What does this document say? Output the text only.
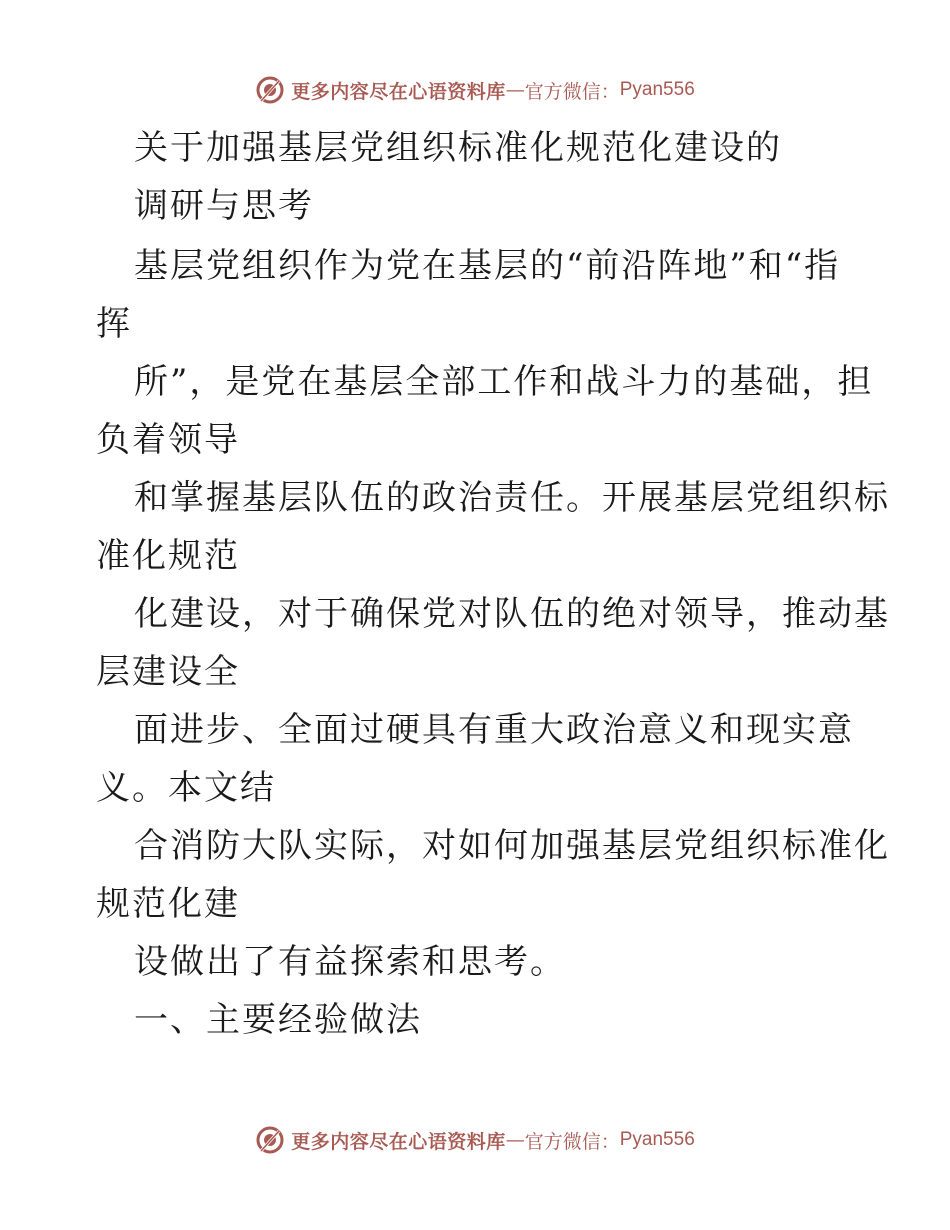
更多内容尽在心语资料库 — 官方微信： Pyan556
关于加强基层党组织标准化规范化建设的
调研与思考
基层党组织作为党在基层的“前沿阵地”和“指
挥
所”，是党在基层全部工作和战斗力的基础，担
负着领导
和掌握基层队伍的政治责任。开展基层党组织标
准化规范
化建设，对于确保党对队伍的绝对领导，推动基
层建设全
面进步、全面过硬具有重大政治意义和现实意
义。本文结
合消防大队实际，对如何加强基层党组织标准化
规范化建
设做出了有益探索和思考。
一、主要经验做法
更多内容尽在心语资料库 — 官方微信： Pyan556
